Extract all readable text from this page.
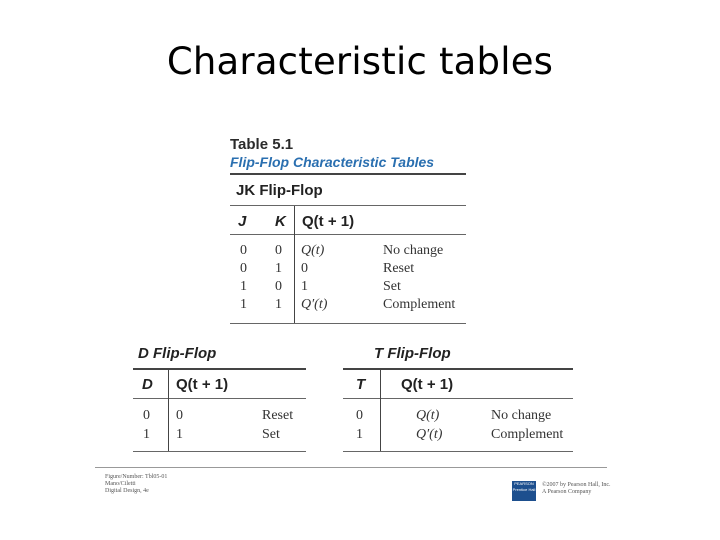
Characteristic tables
Table 5.1
Flip-Flop Characteristic Tables
JK Flip-Flop
J K Q(t + 1)
0 0 Q(t)	No change
0 1 0	Reset
1 0 1	Set
1 1 Q′(t)	Complement
D Flip-Flop
D Q(t + 1)
0 0	Reset
1 1	Set
T Flip-Flop
T Q(t + 1)
0	Q(t)	No change
1	Q′(t)	Complement
Figure/Number: Tbl05-01
Mano/Ciletti
Digital Design, 4e
PEARSON Prentice Hall
©2007 by Pearson Hall, Inc.
A Pearson Company
